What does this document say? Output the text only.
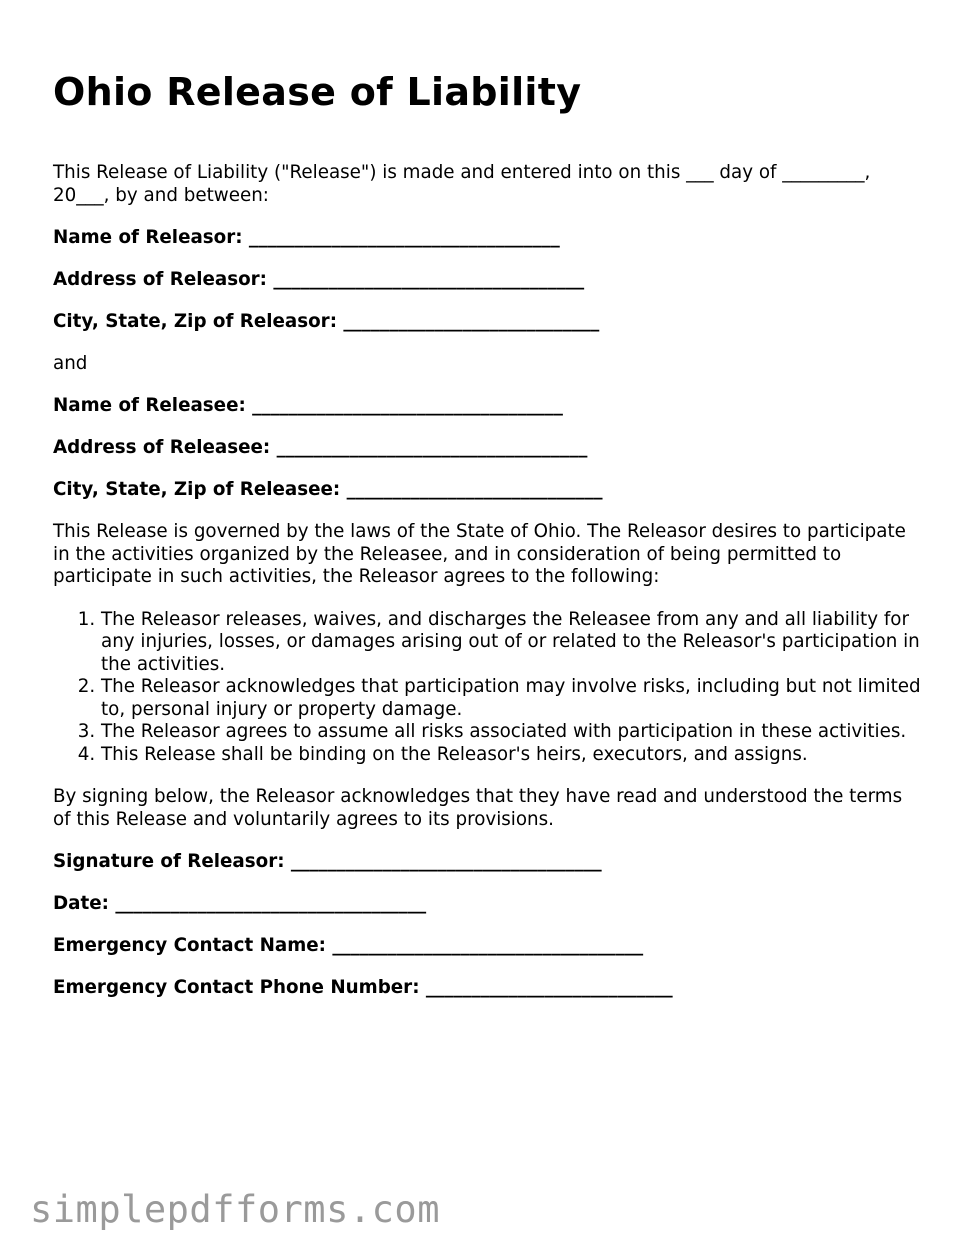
Ohio Release of Liability

This Release of Liability ("Release") is made and entered into on this ___ day of _________, 20___, by and between:

Name of Releasor: __________________________________

Address of Releasor: __________________________________

City, State, Zip of Releasor: ____________________________

and

Name of Releasee: __________________________________

Address of Releasee: __________________________________

City, State, Zip of Releasee: ____________________________

This Release is governed by the laws of the State of Ohio. The Releasor desires to participate in the activities organized by the Releasee, and in consideration of being permitted to participate in such activities, the Releasor agrees to the following:

1. The Releasor releases, waives, and discharges the Releasee from any and all liability for any injuries, losses, or damages arising out of or related to the Releasor's participation in the activities.
2. The Releasor acknowledges that participation may involve risks, including but not limited to, personal injury or property damage.
3. The Releasor agrees to assume all risks associated with participation in these activities.
4. This Release shall be binding on the Releasor's heirs, executors, and assigns.

By signing below, the Releasor acknowledges that they have read and understood the terms of this Release and voluntarily agrees to its provisions.

Signature of Releasor: __________________________________

Date: __________________________________

Emergency Contact Name: __________________________________

Emergency Contact Phone Number: ___________________________

simplepdfforms.com
